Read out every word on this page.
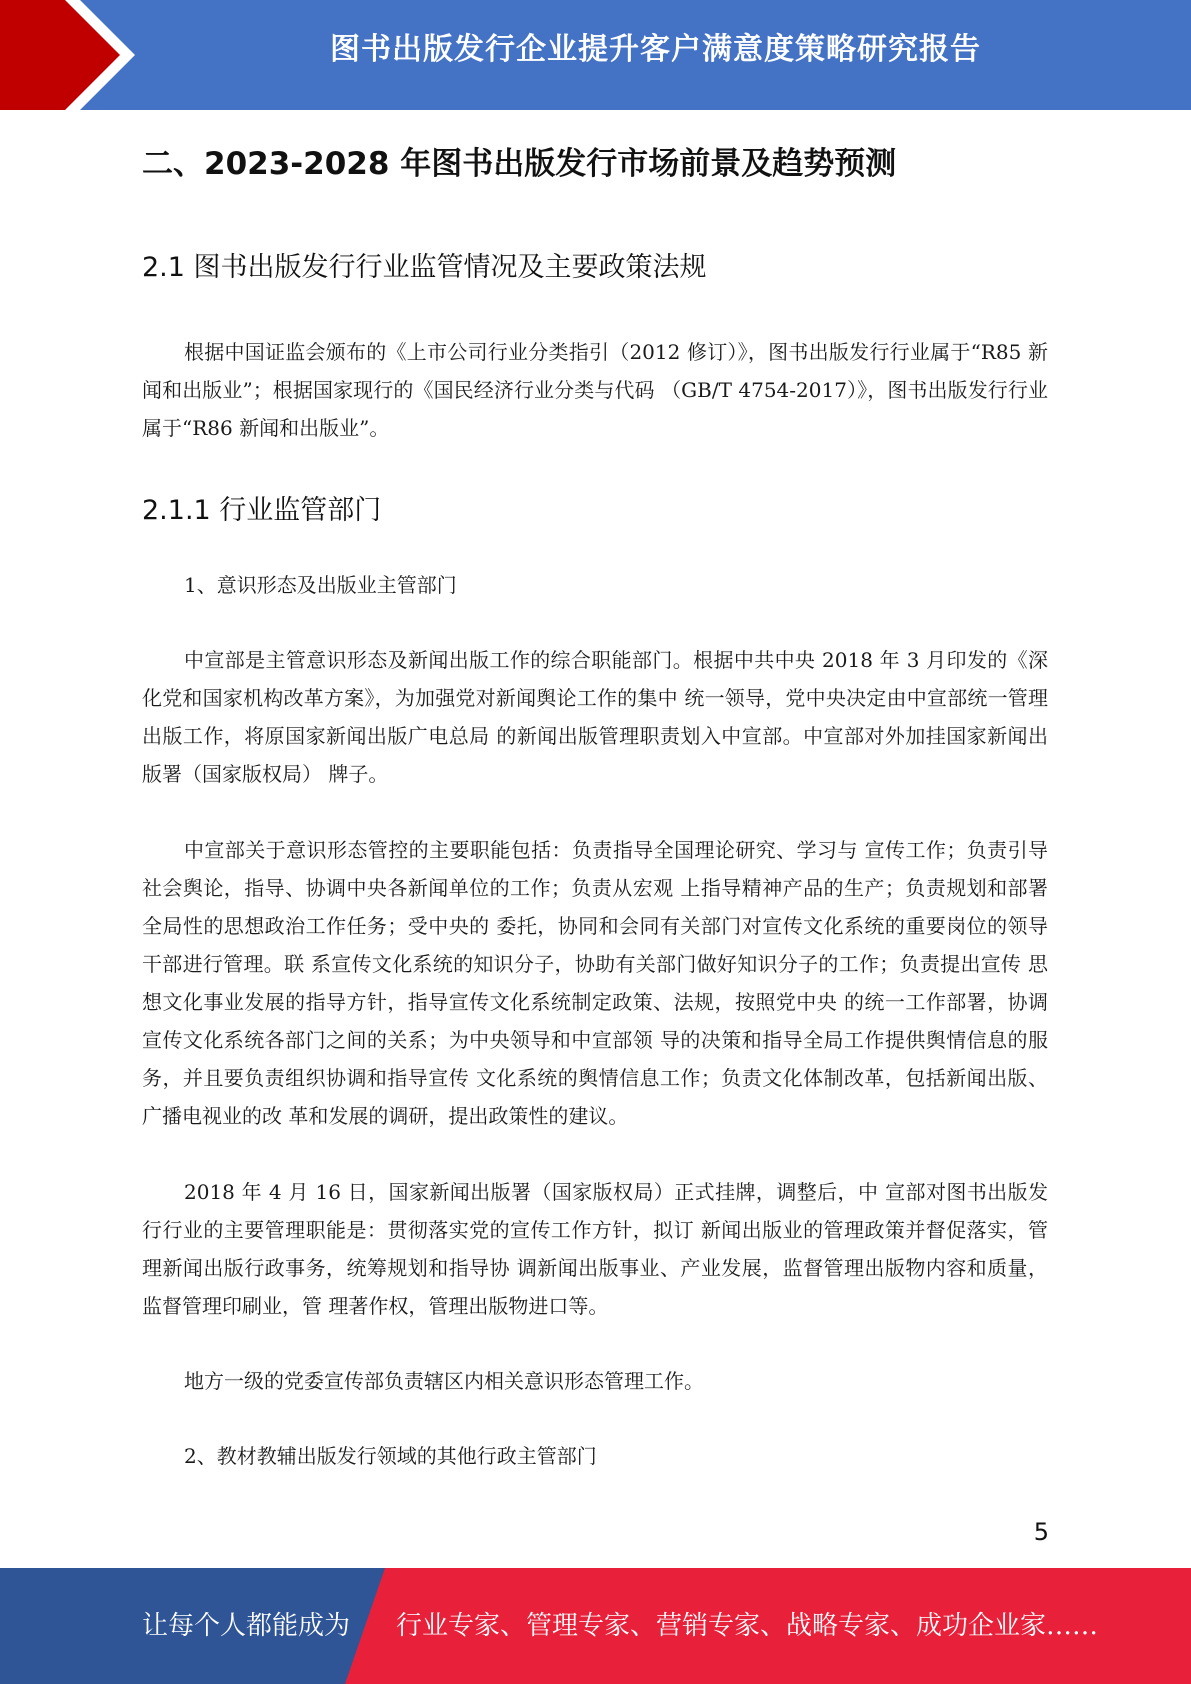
图书出版发行企业提升客户满意度策略研究报告
二、2023-2028 年图书出版发行市场前景及趋势预测
2.1 图书出版发行行业监管情况及主要政策法规
根据中国证监会颁布的《上市公司行业分类指引（2012 修订）》，图书出版发行行业属于“R85 新闻和出版业”；根据国家现行的《国民经济行业分类与代码 （GB/T 4754-2017）》，图书出版发行行业属于“R86 新闻和出版业”。
2.1.1 行业监管部门
1、意识形态及出版业主管部门
中宣部是主管意识形态及新闻出版工作的综合职能部门。根据中共中央 2018 年 3 月印发的《深化党和国家机构改革方案》，为加强党对新闻舆论工作的集中 统一领导，党中央决定由中宣部统一管理出版工作，将原国家新闻出版广电总局 的新闻出版管理职责划入中宣部。中宣部对外加挂国家新闻出版署（国家版权局） 牌子。
中宣部关于意识形态管控的主要职能包括：负责指导全国理论研究、学习与 宣传工作；负责引导社会舆论，指导、协调中央各新闻单位的工作；负责从宏观 上指导精神产品的生产；负责规划和部署全局性的思想政治工作任务；受中央的 委托，协同和会同有关部门对宣传文化系统的重要岗位的领导干部进行管理。联 系宣传文化系统的知识分子，协助有关部门做好知识分子的工作；负责提出宣传 思想文化事业发展的指导方针，指导宣传文化系统制定政策、法规，按照党中央 的统一工作部署，协调宣传文化系统各部门之间的关系；为中央领导和中宣部领 导的决策和指导全局工作提供舆情信息的服务，并且要负责组织协调和指导宣传 文化系统的舆情信息工作；负责文化体制改革，包括新闻出版、广播电视业的改 革和发展的调研，提出政策性的建议。
2018 年 4 月 16 日，国家新闻出版署（国家版权局）正式挂牌，调整后，中 宣部对图书出版发行行业的主要管理职能是：贯彻落实党的宣传工作方针，拟订 新闻出版业的管理政策并督促落实，管理新闻出版行政事务，统筹规划和指导协 调新闻出版事业、产业发展，监督管理出版物内容和质量，监督管理印刷业，管 理著作权，管理出版物进口等。
地方一级的党委宣传部负责辖区内相关意识形态管理工作。
2、教材教辅出版发行领域的其他行政主管部门
5
让每个人都能成为 行业专家、管理专家、营销专家、战略专家、成功企业家……
